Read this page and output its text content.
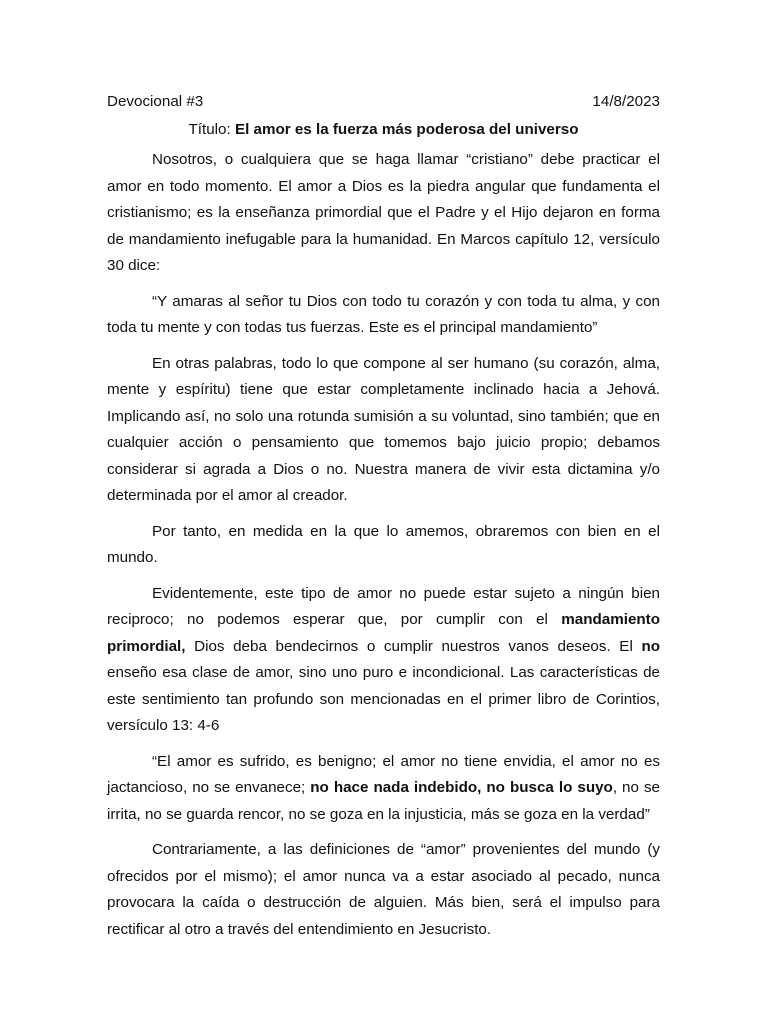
Devocional #3	14/8/2023
Título: El amor es la fuerza más poderosa del universo

Nosotros, o cualquiera que se haga llamar “cristiano” debe practicar el amor en todo momento. El amor a Dios es la piedra angular que fundamenta el cristianismo; es la enseñanza primordial que el Padre y el Hijo dejaron en forma de mandamiento inefugable para la humanidad. En Marcos capítulo 12, versículo 30 dice:

“Y amaras al señor tu Dios con todo tu corazón y con toda tu alma, y con toda tu mente y con todas tus fuerzas. Este es el principal mandamiento”

En otras palabras, todo lo que compone al ser humano (su corazón, alma, mente y espíritu) tiene que estar completamente inclinado hacia a Jehová. Implicando así, no solo una rotunda sumisión a su voluntad, sino también; que en cualquier acción o pensamiento que tomemos bajo juicio propio; debamos considerar si agrada a Dios o no. Nuestra manera de vivir esta dictamina y/o determinada por el amor al creador.

Por tanto, en medida en la que lo amemos, obraremos con bien en el mundo.

Evidentemente, este tipo de amor no puede estar sujeto a ningún bien reciproco; no podemos esperar que, por cumplir con el mandamiento primordial, Dios deba bendecirnos o cumplir nuestros vanos deseos. El no enseño esa clase de amor, sino uno puro e incondicional. Las características de este sentimiento tan profundo son mencionadas en el primer libro de Corintios, versículo 13: 4-6

“El amor es sufrido, es benigno; el amor no tiene envidia, el amor no es jactancioso, no se envanece; no hace nada indebido, no busca lo suyo, no se irrita, no se guarda rencor, no se goza en la injusticia, más se goza en la verdad”

Contrariamente, a las definiciones de “amor” provenientes del mundo (y ofrecidos por el mismo); el amor nunca va a estar asociado al pecado, nunca provocara la caída o destrucción de alguien. Más bien, será el impulso para rectificar al otro a través del entendimiento en Jesucristo.
